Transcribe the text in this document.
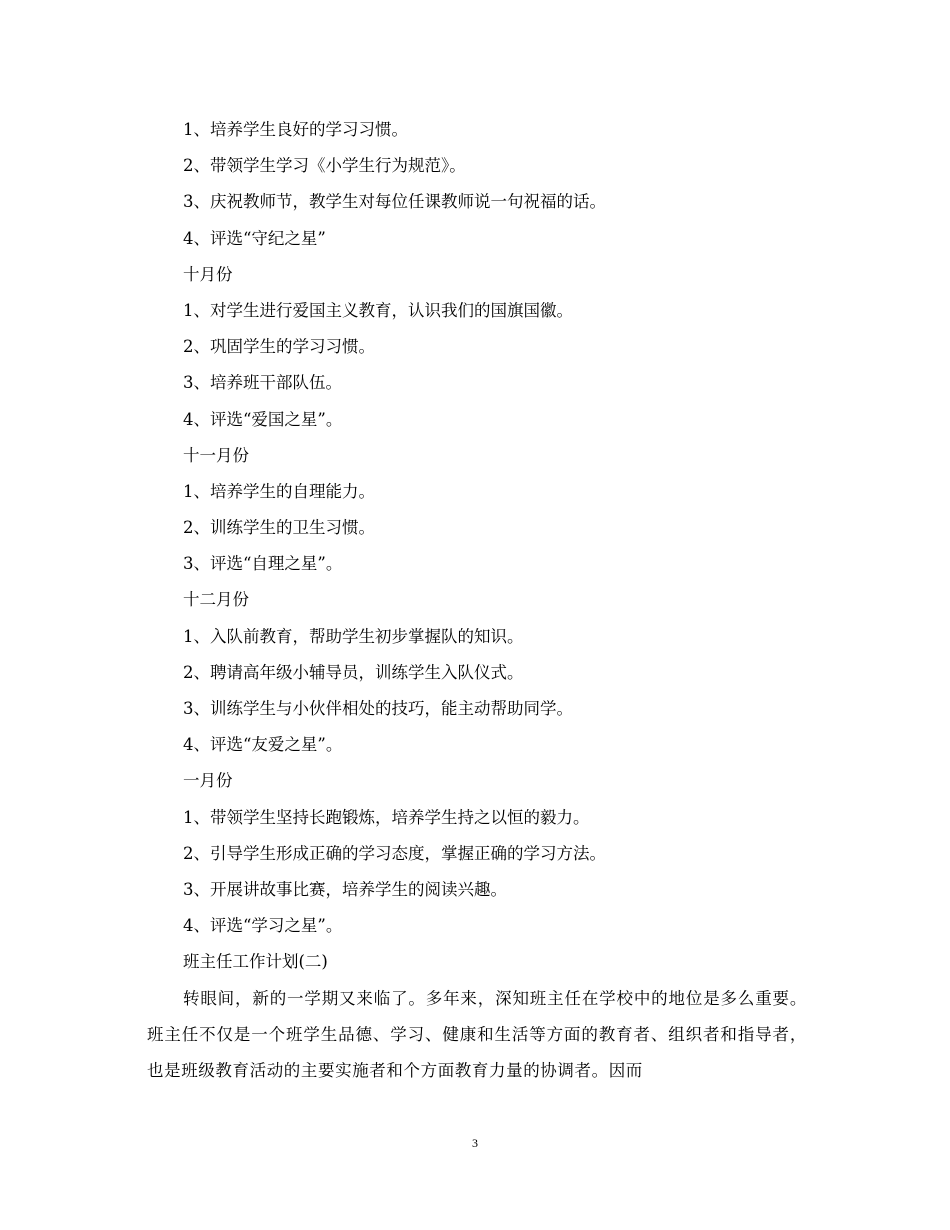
1、培养学生良好的学习习惯。
2、带领学生学习《小学生行为规范》。
3、庆祝教师节，教学生对每位任课教师说一句祝福的话。
4、评选“守纪之星”
十月份
1、对学生进行爱国主义教育，认识我们的国旗国徽。
2、巩固学生的学习习惯。
3、培养班干部队伍。
4、评选“爱国之星”。
十一月份
1、培养学生的自理能力。
2、训练学生的卫生习惯。
3、评选“自理之星”。
十二月份
1、入队前教育，帮助学生初步掌握队的知识。
2、聘请高年级小辅导员，训练学生入队仪式。
3、训练学生与小伙伴相处的技巧，能主动帮助同学。
4、评选“友爱之星”。
一月份
1、带领学生坚持长跑锻炼，培养学生持之以恒的毅力。
2、引导学生形成正确的学习态度，掌握正确的学习方法。
3、开展讲故事比赛，培养学生的阅读兴趣。
4、评选“学习之星”。
班主任工作计划(二)
转眼间，新的一学期又来临了。多年来，深知班主任在学校中的地位是多么重要。班主任不仅是一个班学生品德、学习、健康和生活等方面的教育者、组织者和指导者，也是班级教育活动的主要实施者和个方面教育力量的协调者。因而
3
